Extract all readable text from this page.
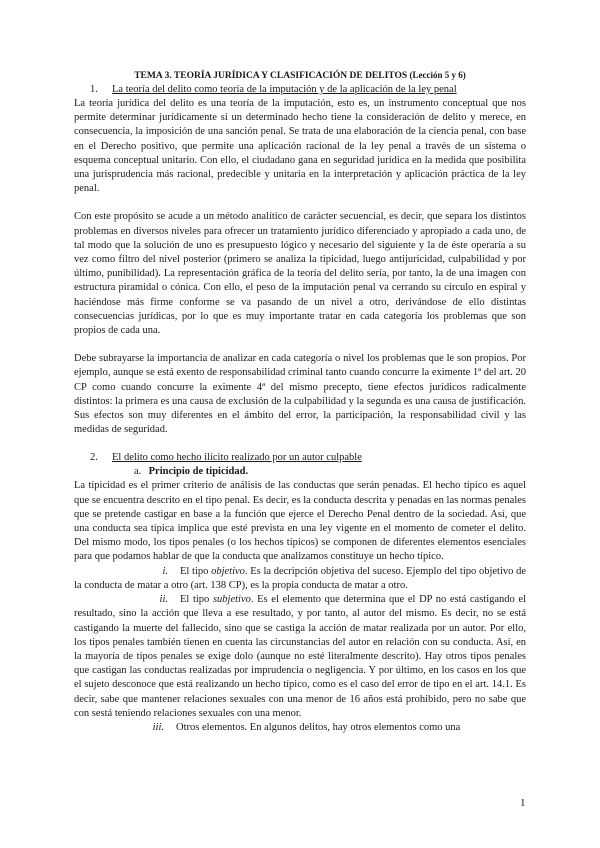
TEMA 3. TEORÍA JURÍDICA Y CLASIFICACIÓN DE DELITOS (Lección 5 y 6)
1. La teoría del delito como teoría de la imputación y de la aplicación de la ley penal

La teoría jurídica del delito es una teoría de la imputación, esto es, un instrumento conceptual que nos permite determinar jurídicamente si un determinado hecho tiene la consideración de delito y merece, en consecuencia, la imposición de una sanción penal. Se trata de una elaboración de la ciencia penal, con base en el Derecho positivo, que permite una aplicación racional de la ley penal a través de un sistema o esquema conceptual unitario. Con ello, el ciudadano gana en seguridad jurídica en la medida que posibilita una jurisprudencia más racional, predecible y unitaria en la interpretación y aplicación práctica de la ley penal.

Con este propósito se acude a un método analítico de carácter secuencial, es decir, que separa los distintos problemas en diversos niveles para ofrecer un tratamiento jurídico diferenciado y apropiado a cada uno, de tal modo que la solución de uno es presupuesto lógico y necesario del siguiente y la de éste operaría a su vez como filtro del nivel posterior (primero se analiza la tipicidad, luego antijuricidad, culpabilidad y por último, punibilidad). La representación gráfica de la teoría del delito sería, por tanto, la de una imagen con estructura piramidal o cónica. Con ello, el peso de la imputación penal va cerrando su círculo en espiral y haciéndose más firme conforme se va pasando de un nivel a otro, derivándose de ello distintas consecuencias jurídicas, por lo que es muy importante tratar en cada categoría los problemas que son propios de cada una.

Debe subrayarse la importancia de analizar en cada categoría o nivel los problemas que le son propios. Por ejemplo, aunque se está exento de responsabilidad criminal tanto cuando concurre la eximente 1ª del art. 20 CP como cuando concurre la eximente 4ª del mismo precepto, tiene efectos jurídicos radicalmente distintos: la primera es una causa de exclusión de la culpabilidad y la segunda es una causa de justificación. Sus efectos son muy diferentes en el ámbito del error, la participación, la responsabilidad civil y las medidas de seguridad.

2. El delito como hecho ilícito realizado por un autor culpable
a. Principio de tipicidad.

La tipicidad es el primer criterio de análisis de las conductas que serán penadas. El hecho típico es aquel que se encuentra descrito en el tipo penal. Es decir, es la conducta descrita y penadas en las normas penales que se pretende castigar en base a la función que ejerce el Derecho Penal dentro de la sociedad. Así, que una conducta sea típica implica que esté prevista en una ley vigente en el momento de cometer el delito. Del mismo modo, los tipos penales (o los hechos típicos) se componen de diferentes elementos esenciales para que podamos hablar de que la conducta que analizamos constituye un hecho típico.

i. El tipo objetivo. Es la decripción objetiva del suceso. Ejemplo del tipo objetivo de la conducta de matar a otro (art. 138 CP), es la propia conducta de matar a otro.

ii. El tipo subjetivo. Es el elemento que determina que el DP no está castigando el resultado, sino la acción que lleva a ese resultado, y por tanto, al autor del mismo. Es decir, no se está castigando la muerte del fallecido, sino que se castiga la acción de matar realizada por un autor. Por ello, los tipos penales también tienen en cuenta las circunstancias del autor en relación con su conducta. Así, en la mayoría de tipos penales se exige dolo (aunque no esté literalmente descrito). Hay otros tipos penales que castigan las conductas realizadas por imprudencia o negligencia. Y por último, en los casos en los que el sujeto desconoce que está realizando un hecho típico, como es el caso del error de tipo en el art. 14.1. Es decir, sabe que mantener relaciones sexuales con una menor de 16 años está prohibido, pero no sabe que con sestá teniendo relaciones sexuales con una menor.

iii. Otros elementos. En algunos delitos, hay otros elementos como una

1
